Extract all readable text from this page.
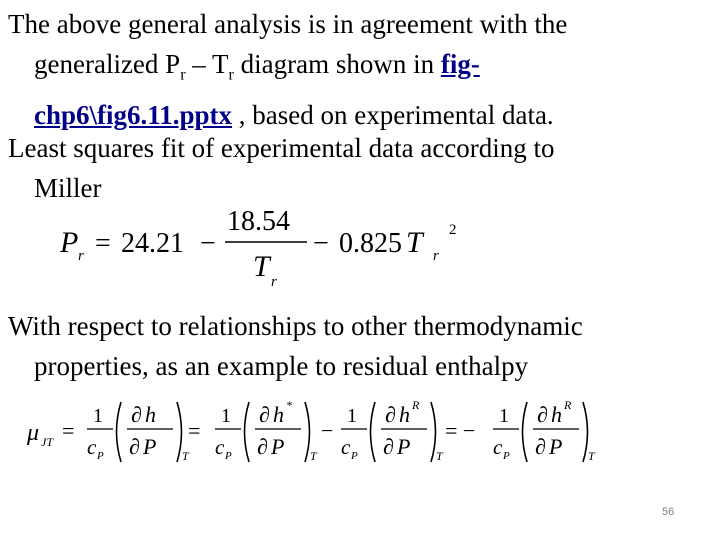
The above general analysis is in agreement with the
generalized $P_r - T_r$ diagram shown in fig-
chp6\fig6.11.pptx , based on experimental data.

Least squares fit of experimental data according to
Miller

P r = 24.21 −
18.54
T r
− 0.825 T r
2

With respect to relationships to other thermodynamic
properties, as an example to residual enthalpy

μ JT =
1
c P
∂ h
∂ P T
=
1
c P
∂ h *
∂ P T
−
1
c P
∂ h R
∂ P T
= −
1
c P
∂ h R
∂ P T
56
